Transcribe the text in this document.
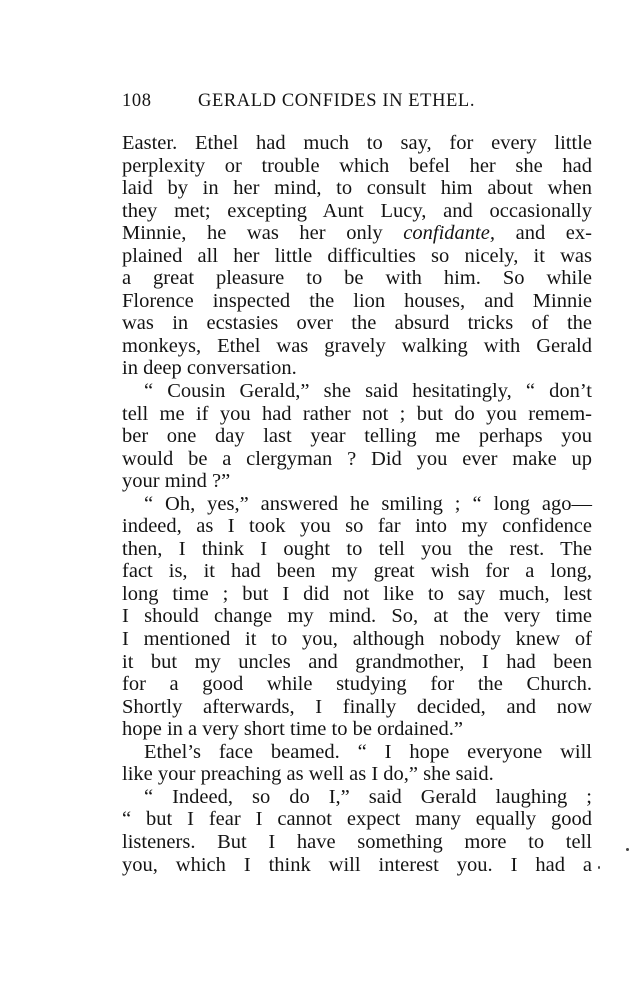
108	GERALD CONFIDES IN ETHEL.
Easter. Ethel had much to say, for every little
perplexity or trouble which befel her she had
laid by in her mind, to consult him about when
they met; excepting Aunt Lucy, and occasionally
Minnie, he was her only confidante, and ex-
plained all her little difficulties so nicely, it was
a great pleasure to be with him. So while
Florence inspected the lion houses, and Minnie
was in ecstasies over the absurd tricks of the
monkeys, Ethel was gravely walking with Gerald
in deep conversation.
“ Cousin Gerald,” she said hesitatingly, “ don’t
tell me if you had rather not ; but do you remem-
ber one day last year telling me perhaps you
would be a clergyman ? Did you ever make up
your mind ?”
“ Oh, yes,” answered he smiling ; “ long ago—
indeed, as I took you so far into my confidence
then, I think I ought to tell you the rest. The
fact is, it had been my great wish for a long,
long time ; but I did not like to say much, lest
I should change my mind. So, at the very time
I mentioned it to you, although nobody knew of
it but my uncles and grandmother, I had been
for a good while studying for the Church.
Shortly afterwards, I finally decided, and now
hope in a very short time to be ordained.”
Ethel’s face beamed. “ I hope everyone will
like your preaching as well as I do,” she said.
“ Indeed, so do I,” said Gerald laughing ;
“ but I fear I cannot expect many equally good
listeners. But I have something more to tell
you, which I think will interest you. I had a
